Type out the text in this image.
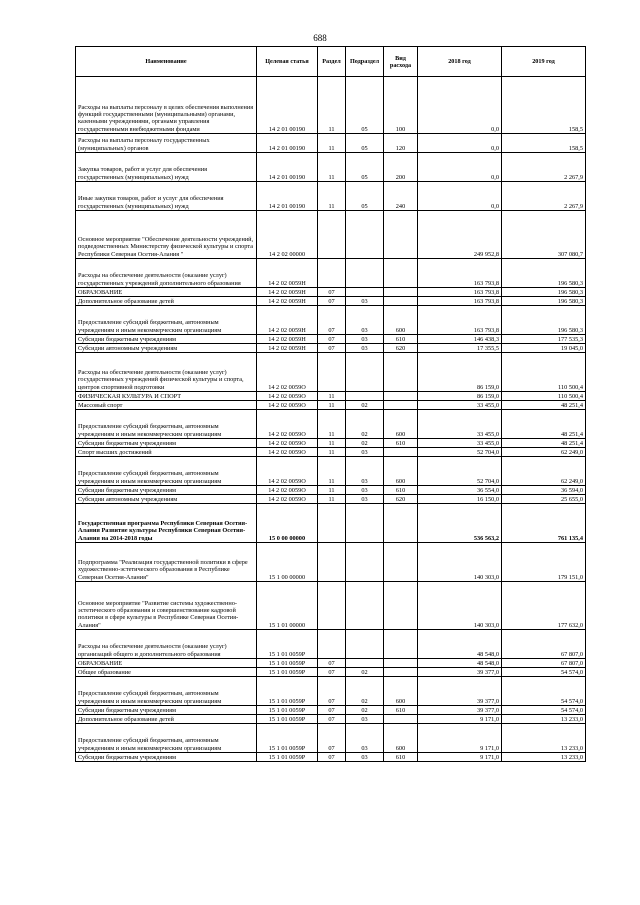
688
Наименование	Целевая статья	Раздел	Подраздел	Вид расхода	2018 год	2019 год
Расходы на выплаты персоналу в целях обеспечения выполнения функций государственными (муниципальными) органами, казенными учреждениями, органами управления государственными внебюджетными фондами	14 2 01 00190	11	05	100	0,0	158,5
Расходы на выплаты персоналу государственных (муниципальных) органов	14 2 01 00190	11	05	120	0,0	158,5
Закупка товаров, работ и услуг для обеспечения государственных (муниципальных) нужд	14 2 01 00190	11	05	200	0,0	2 267,9
Иные закупки товаров, работ и услуг для обеспечения государственных (муниципальных) нужд	14 2 01 00190	11	05	240	0,0	2 267,9
Основное мероприятие "Обеспечение деятельности учреждений, подведомственных Министерству физической культуры и спорта Республики Северная Осетия-Алания "	14 2 02 00000				249 952,8	307 080,7
Расходы на обеспечение деятельности (оказание услуг) государственных учреждений дополнительного образования	14 2 02 0059Н				163 793,8	196 580,3
ОБРАЗОВАНИЕ	14 2 02 0059Н	07			163 793,8	196 580,3
Дополнительное образование детей	14 2 02 0059Н	07	03		163 793,8	196 580,3
Предоставление субсидий бюджетным, автономным учреждениям и иным некоммерческим организациям	14 2 02 0059Н	07	03	600	163 793,8	196 580,3
Субсидии бюджетным учреждениям	14 2 02 0059Н	07	03	610	146 438,3	177 535,3
Субсидии автономным учреждениям	14 2 02 0059Н	07	03	620	17 355,5	19 045,0
Расходы на обеспечение деятельности (оказание услуг) государственных учреждений физической культуры и спорта, центров спортивной подготовки	14 2 02 0059О				86 159,0	110 500,4
ФИЗИЧЕСКАЯ КУЛЬТУРА И СПОРТ	14 2 02 0059О	11			86 159,0	110 500,4
Массовый спорт	14 2 02 0059О	11	02		33 455,0	48 251,4
Предоставление субсидий бюджетным, автономным учреждениям и иным некоммерческим организациям	14 2 02 0059О	11	02	600	33 455,0	48 251,4
Субсидии бюджетным учреждениям	14 2 02 0059О	11	02	610	33 455,0	48 251,4
Спорт высших достижений	14 2 02 0059О	11	03		52 704,0	62 249,0
Предоставление субсидий бюджетным, автономным учреждениям и иным некоммерческим организациям	14 2 02 0059О	11	03	600	52 704,0	62 249,0
Субсидии бюджетным учреждениям	14 2 02 0059О	11	03	610	36 554,0	36 594,0
Субсидии автономным учреждениям	14 2 02 0059О	11	03	620	16 150,0	25 655,0
Государственная программа Республики Северная Осетия-Алания Развитие культуры Республики Северная Осетия-Алания на 2014-2018 годы	15 0 00 00000				536 563,2	761 135,4
Подпрограмма "Реализация государственной политики в сфере художественно-эстетического образования в Республике Северная Осетия-Алания"	15 1 00 00000				140 303,0	179 151,0
Основное мероприятие "Развитие системы художественно-эстетического образования и совершенствование кадровой политики в сфере культуры в Республике Северная Осетия-Алания"	15 1 01 00000				140 303,0	177 632,0
Расходы на обеспечение деятельности (оказание услуг) организаций общего и дополнительного образования	15 1 01 0059Р				48 548,0	67 807,0
ОБРАЗОВАНИЕ	15 1 01 0059Р	07			48 548,0	67 807,0
Общее образование	15 1 01 0059Р	07	02		39 377,0	54 574,0
Предоставление субсидий бюджетным, автономным учреждениям и иным некоммерческим организациям	15 1 01 0059Р	07	02	600	39 377,0	54 574,0
Субсидии бюджетным учреждениям	15 1 01 0059Р	07	02	610	39 377,0	54 574,0
Дополнительное образование детей	15 1 01 0059Р	07	03		9 171,0	13 233,0
Предоставление субсидий бюджетным, автономным учреждениям и иным некоммерческим организациям	15 1 01 0059Р	07	03	600	9 171,0	13 233,0
Субсидии бюджетным учреждениям	15 1 01 0059Р	07	03	610	9 171,0	13 233,0
